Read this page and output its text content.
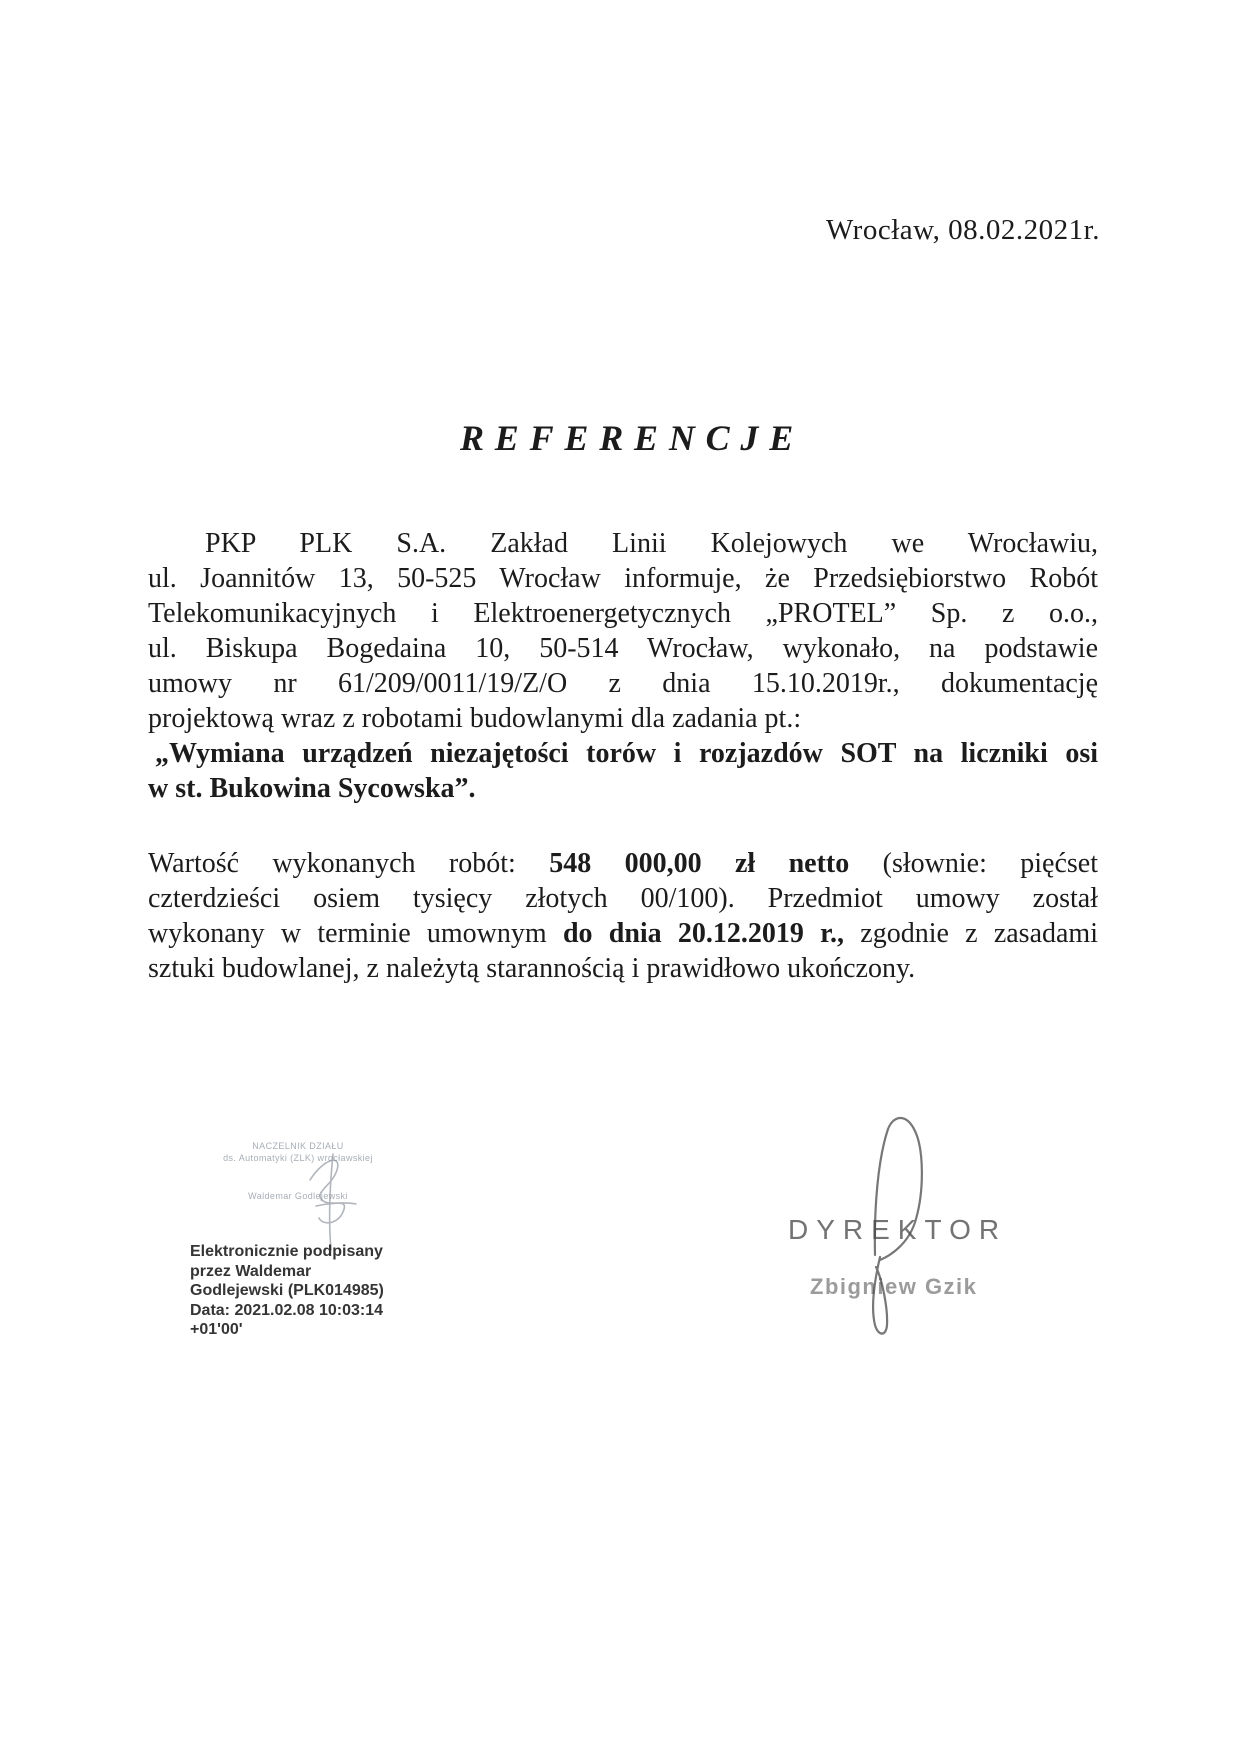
Wrocław, 08.02.2021r.
REFERENCJE
PKP PLK S.A. Zakład Linii Kolejowych we Wrocławiu,
ul. Joannitów 13, 50-525 Wrocław informuje, że Przedsiębiorstwo Robót
Telekomunikacyjnych i Elektroenergetycznych „PROTEL” Sp. z o.o.,
ul. Biskupa Bogedaina 10, 50-514 Wrocław, wykonało, na podstawie
umowy nr 61/209/0011/19/Z/O z dnia 15.10.2019r., dokumentację
projektową wraz z robotami budowlanymi dla zadania pt.:
„Wymiana urządzeń niezajętości torów i rozjazdów SOT na liczniki osi
w st. Bukowina Sycowska”.
Wartość wykonanych robót: 548 000,00 zł netto (słownie: pięćset
czterdzieści osiem tysięcy złotych 00/100). Przedmiot umowy został
wykonany w terminie umownym do dnia 20.12.2019 r., zgodnie z zasadami
sztuki budowlanej, z należytą starannością i prawidłowo ukończony.
NACZELNIK DZIAŁU
ds. Automatyki (ZLK) wrocławskiej
Waldemar Godlejewski
Elektronicznie podpisany
przez Waldemar
Godlejewski (PLK014985)
Data: 2021.02.08 10:03:14
+01'00'
DYREKTOR
Zbigniew Gzik
